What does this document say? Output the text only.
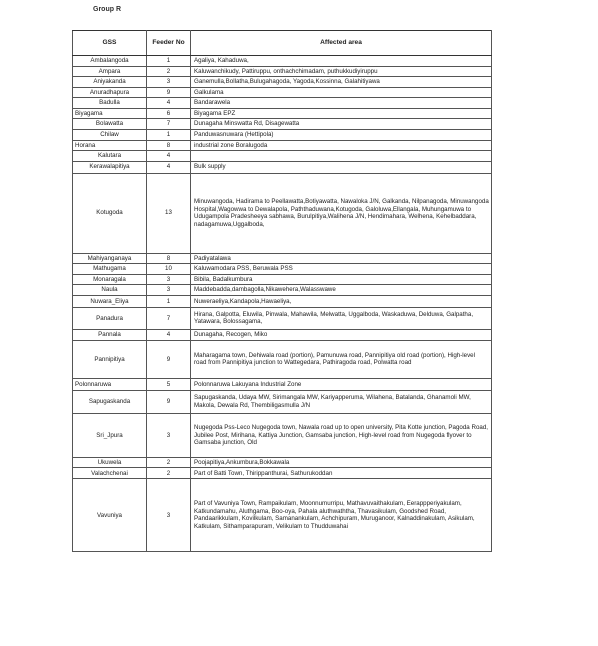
Group R
GSS	Feeder No	Affected area
Ambalangoda	1	Agaliya, Kahaduwa,
Ampara	2	Kaluwanchikudy, Pattiruppu, onthachchimadam, puthukkudiyiruppu
Aniyakanda	3	Ganemulla,Bollatha,Bulugahagoda, Yagoda,Kossinna, Galahitiyawa
Anuradhapura	9	Galkulama
Badulla	4	Bandarawela
Biyagama	6	Biyagama EPZ
Bolawatta	7	Dunagaha Minswatta Rd, Disagewatta
Chilaw	1	Panduwasnuwara (Hettipola)
Horana	8	industrial zone Boralugoda
Kalutara	4	
Kerawalapitiya	4	Bulk supply
Kotugoda	13	Minuwangoda, Hadirama to Peellawatta,Botiyawatta, Nawaloka J/N, Galkanda, Nilpanagoda, Minuwangoda Hospital,Wagowwa to Dewalapola, Paththaduwana,Kotugoda, Galoluwa,Ellangala, Muhungamuwa to Udugampola Pradesheeya sabhawa, Burulpitiya,Walihena J/N, Hendimahara, Welhena, Kehelbaddara, nadagamuwa,Uggalboda,
Mahiyanganaya	8	Padiyatalawa
Mathugama	10	Kaluwamodara PSS, Beruwala PSS
Monaragala	3	Bibila, Badalkumbura
Naula	3	Maddebadda,dambagolla,Nikawehera,Walasswawe
Nuwara_Eliya	1	Nuweraeliya,Kandapola,Hawaeliya,
Panadura	7	Hirana, Galpotta, Eluwila, Pinwala, Mahawila, Melwatta, Uggalboda, Waskaduwa, Delduwa, Galpatha, Yatawara, Bolossagama,
Pannala	4	Dunagaha, Recogen, Miko
Pannipitiya	9	Maharagama town, Dehiwala road (portion), Pamunuwa road, Pannipitiya old road (portion), High-level road from Pannipitiya junction to Wattegedara, Pathiragoda road, Polwatta road
Polonnaruwa	5	Polonnaruwa Lakuyana Industrial Zone
Sapugaskanda	9	Sapugaskanda, Udaya MW, Sirimangala MW, Kariyapperuma, Wilahena, Batalanda, Ghanamoli MW, Makola, Dewala Rd, Thembiligasmulla J/N
Sri_Jpura	3	Nugegoda Pss-Leco Nugegoda town, Nawala road up to open university, Pita Kotte junction, Pagoda Road, Jubilee Post, Mirihana, Kattiya Junction, Gamsaba junction, High-level road from Nugegoda flyover to Gamsaba junction, Old
Ukuwela	2	Poojapitiya,Ankumbura,Bokkawala
Valachchenai	2	Part of Batti Town, Thirippanthurai, Sathurukoddan
Vavuniya	3	Part of Vavuniya Town, Rampaikulam, Moonnumurripu, Mathavuvaithakulam, Eerappperiyakulam, Katkundamahu, Aluthgama, Boo-oya, Pahala aluthwaththa, Thavasikulam, Goodshed Road, Pandaarikkulam, Kovilkulam, Samanankulam, Achchipuram, Muruganoor, Kalnaddinakulam, Asikulam, Katkulam, Sithamparapuram, Velikulam to Thudduwahai
